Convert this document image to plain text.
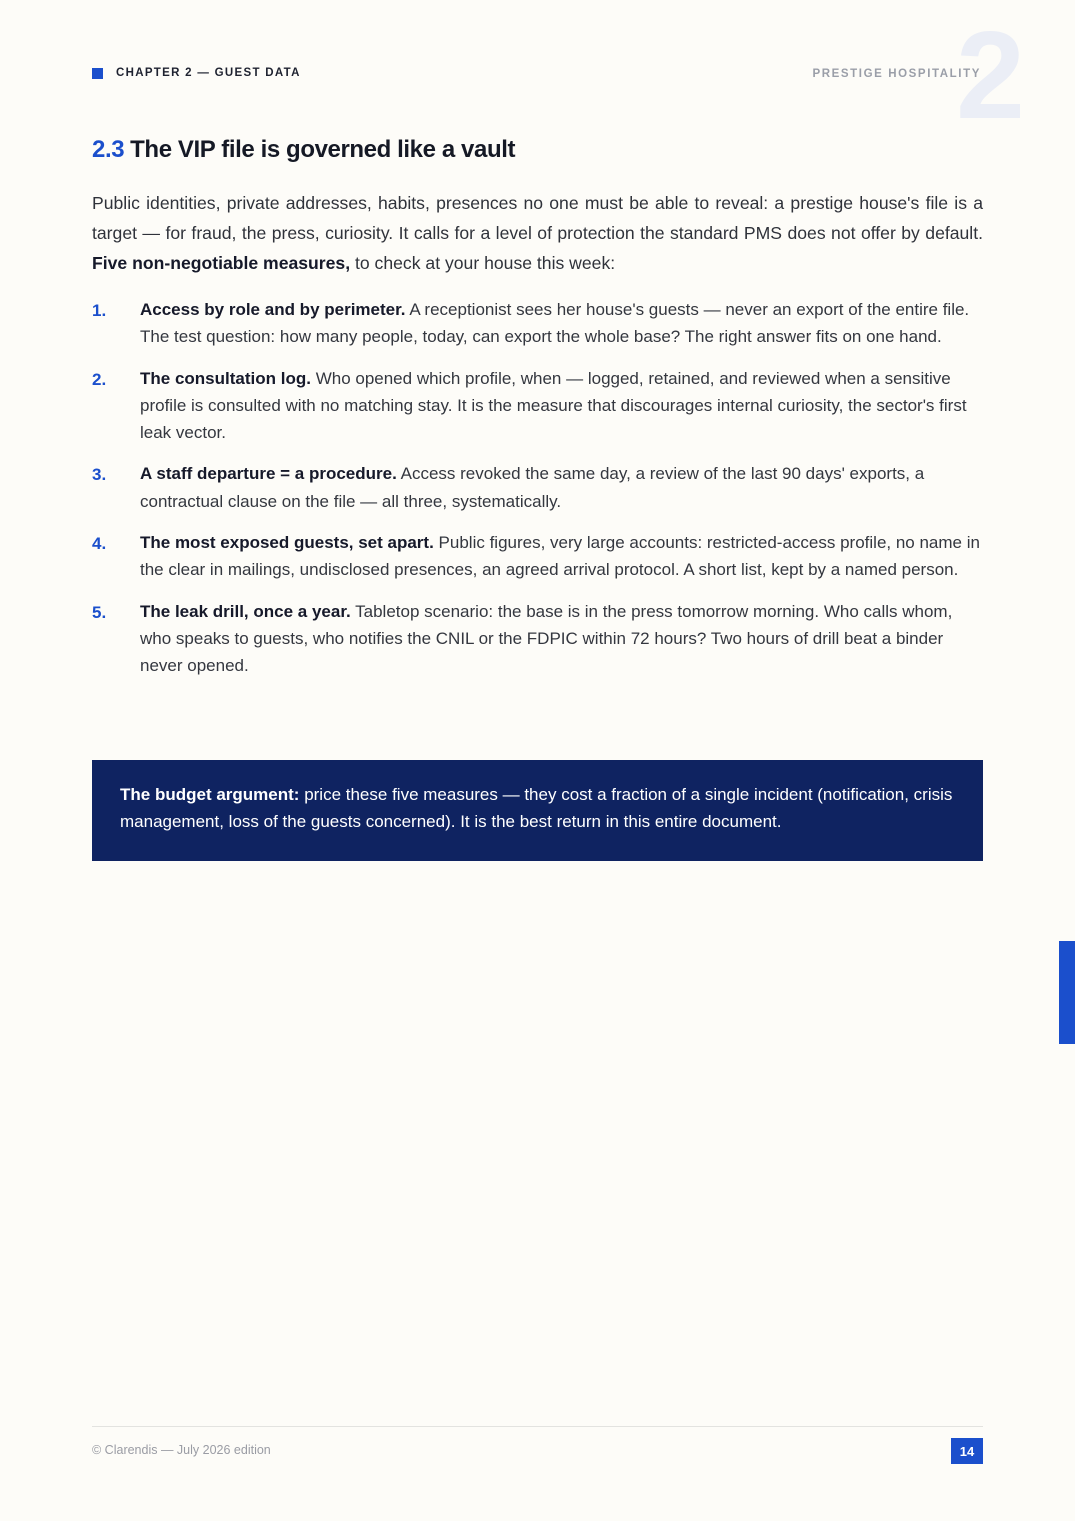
CHAPTER 2 — GUEST DATA	2
PRESTIGE HOSPITALITY
2.3 The VIP file is governed like a vault

Public identities, private addresses, habits, presences no one must be able to reveal: a prestige house's file is a target — for fraud, the press, curiosity. It calls for a level of protection the standard PMS does not offer by default. Five non-negotiable measures, to check at your house this week:

1. Access by role and by perimeter. A receptionist sees her house's guests — never an export of the entire file. The test question: how many people, today, can export the whole base? The right answer fits on one hand.
2. The consultation log. Who opened which profile, when — logged, retained, and reviewed when a sensitive profile is consulted with no matching stay. It is the measure that discourages internal curiosity, the sector's first leak vector.
3. A staff departure = a procedure. Access revoked the same day, a review of the last 90 days' exports, a contractual clause on the file — all three, systematically.
4. The most exposed guests, set apart. Public figures, very large accounts: restricted-access profile, no name in the clear in mailings, undisclosed presences, an agreed arrival protocol. A short list, kept by a named person.
5. The leak drill, once a year. Tabletop scenario: the base is in the press tomorrow morning. Who calls whom, who speaks to guests, who notifies the CNIL or the FDPIC within 72 hours? Two hours of drill beat a binder never opened.
The budget argument: price these five measures — they cost a fraction of a single incident (notification, crisis management, loss of the guests concerned). It is the best return in this entire document.
© Clarendis — July 2026 edition	14
